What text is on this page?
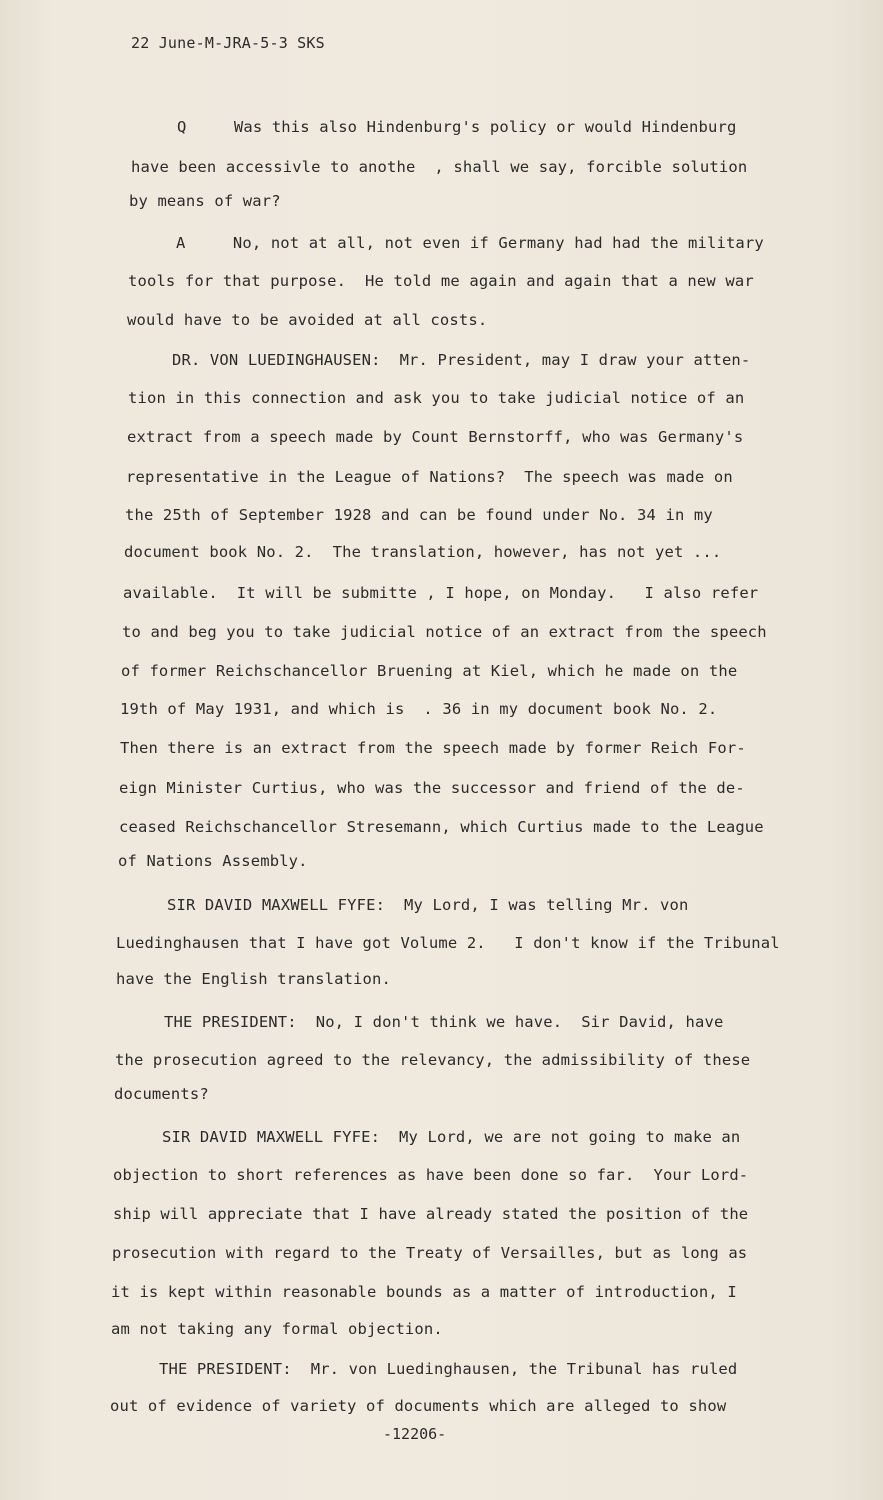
22 June-M-JRA-5-3 SKS
Q     Was this also Hindenburg's policy or would Hindenburg
have been accessivle to anothe  , shall we say, forcible solution
by means of war?
A     No, not at all, not even if Germany had had the military
tools for that purpose.  He told me again and again that a new war
would have to be avoided at all costs.
DR. VON LUEDINGHAUSEN:  Mr. President, may I draw your atten-
tion in this connection and ask you to take judicial notice of an
extract from a speech made by Count Bernstorff, who was Germany's
representative in the League of Nations?  The speech was made on
the 25th of September 1928 and can be found under No. 34 in my
document book No. 2.  The translation, however, has not yet ...
available.  It will be submitte , I hope, on Monday.   I also refer
to and beg you to take judicial notice of an extract from the speech
of former Reichschancellor Bruening at Kiel, which he made on the
19th of May 1931, and which is  . 36 in my document book No. 2.
Then there is an extract from the speech made by former Reich For-
eign Minister Curtius, who was the successor and friend of the de-
ceased Reichschancellor Stresemann, which Curtius made to the League
of Nations Assembly.
SIR DAVID MAXWELL FYFE:  My Lord, I was telling Mr. von
Luedinghausen that I have got Volume 2.   I don't know if the Tribunal
have the English translation.
THE PRESIDENT:  No, I don't think we have.  Sir David, have
the prosecution agreed to the relevancy, the admissibility of these
documents?
SIR DAVID MAXWELL FYFE:  My Lord, we are not going to make an
objection to short references as have been done so far.  Your Lord-
ship will appreciate that I have already stated the position of the
prosecution with regard to the Treaty of Versailles, but as long as
it is kept within reasonable bounds as a matter of introduction, I
am not taking any formal objection.
THE PRESIDENT:  Mr. von Luedinghausen, the Tribunal has ruled
out of evidence of variety of documents which are alleged to show
-12206-
